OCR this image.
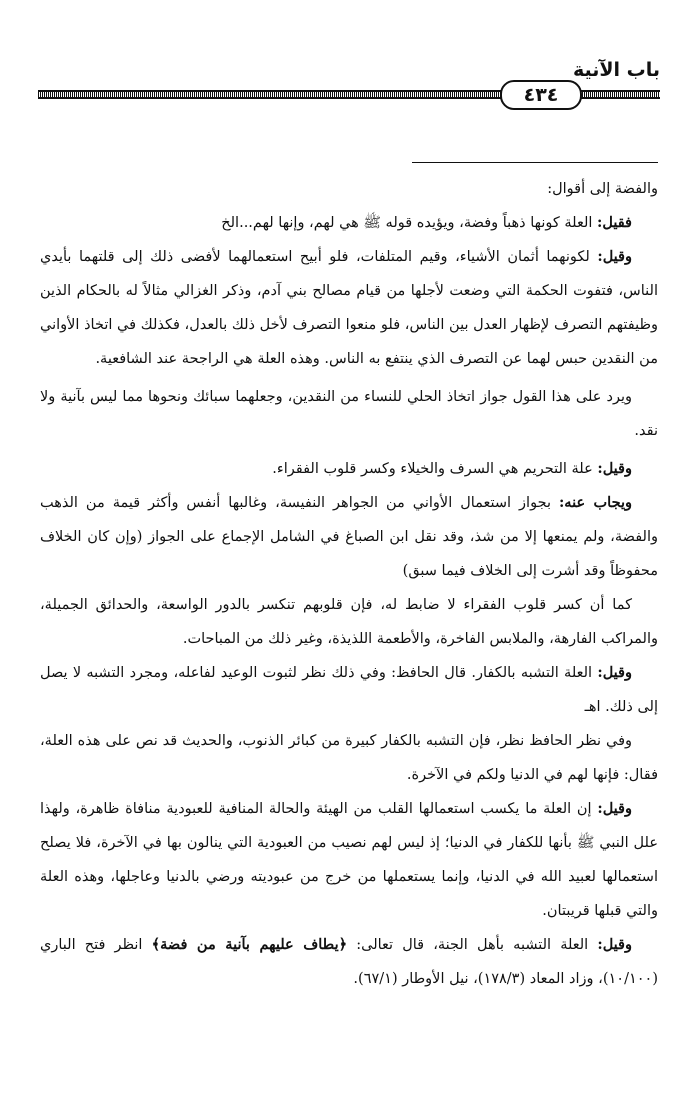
باب الآنية
٤٣٤

والفضة إلى أقوال:

فقيل: العلة كونها ذهباً وفضة، ويؤيده قوله ﷺ هي لهم، وإنها لهم...الخ

وقيل: لكونهما أثمان الأشياء، وقيم المتلفات، فلو أبيح استعمالهما لأفضى ذلك إلى قلتهما بأيدي الناس، فتفوت الحكمة التي وضعت لأجلها من قيام مصالح بني آدم، وذكر الغزالي مثالاً له بالحكام الذين وظيفتهم التصرف لإظهار العدل بين الناس، فلو منعوا التصرف لأخل ذلك بالعدل، فكذلك في اتخاذ الأواني من النقدين حبس لهما عن التصرف الذي ينتفع به الناس. وهذه العلة هي الراجحة عند الشافعية.

ويرد على هذا القول جواز اتخاذ الحلي للنساء من النقدين، وجعلهما سبائك ونحوها مما ليس بآنية ولا نقد.

وقيل: علة التحريم هي السرف والخيلاء وكسر قلوب الفقراء.

ويجاب عنه: بجواز استعمال الأواني من الجواهر النفيسة، وغالبها أنفس وأكثر قيمة من الذهب والفضة، ولم يمنعها إلا من شذ، وقد نقل ابن الصباغ في الشامل الإجماع على الجواز (وإن كان الخلاف محفوظاً وقد أشرت إلى الخلاف فيما سبق)

كما أن كسر قلوب الفقراء لا ضابط له، فإن قلوبهم تنكسر بالدور الواسعة، والحدائق الجميلة، والمراكب الفارهة، والملابس الفاخرة، والأطعمة اللذيذة، وغير ذلك من المباحات.

وقيل: العلة التشبه بالكفار. قال الحافظ: وفي ذلك نظر لثبوت الوعيد لفاعله، ومجرد التشبه لا يصل إلى ذلك. اهـ

وفي نظر الحافظ نظر، فإن التشبه بالكفار كبيرة من كبائر الذنوب، والحديث قد نص على هذه العلة، فقال: فإنها لهم في الدنيا ولكم في الآخرة.

وقيل: إن العلة ما يكسب استعمالها القلب من الهيئة والحالة المنافية للعبودية منافاة ظاهرة، ولهذا علل النبي ﷺ بأنها للكفار في الدنيا؛ إذ ليس لهم نصيب من العبودية التي ينالون بها في الآخرة، فلا يصلح استعمالها لعبيد الله في الدنيا، وإنما يستعملها من خرج من عبوديته ورضي بالدنيا وعاجلها، وهذه العلة والتي قبلها قريبتان.

وقيل: العلة التشبه بأهل الجنة، قال تعالى: ﴿يطاف عليهم بآنية من فضة﴾ انظر فتح الباري (١٠/١٠٠)، وزاد المعاد (١٧٨/٣)، نيل الأوطار (٦٧/١).
